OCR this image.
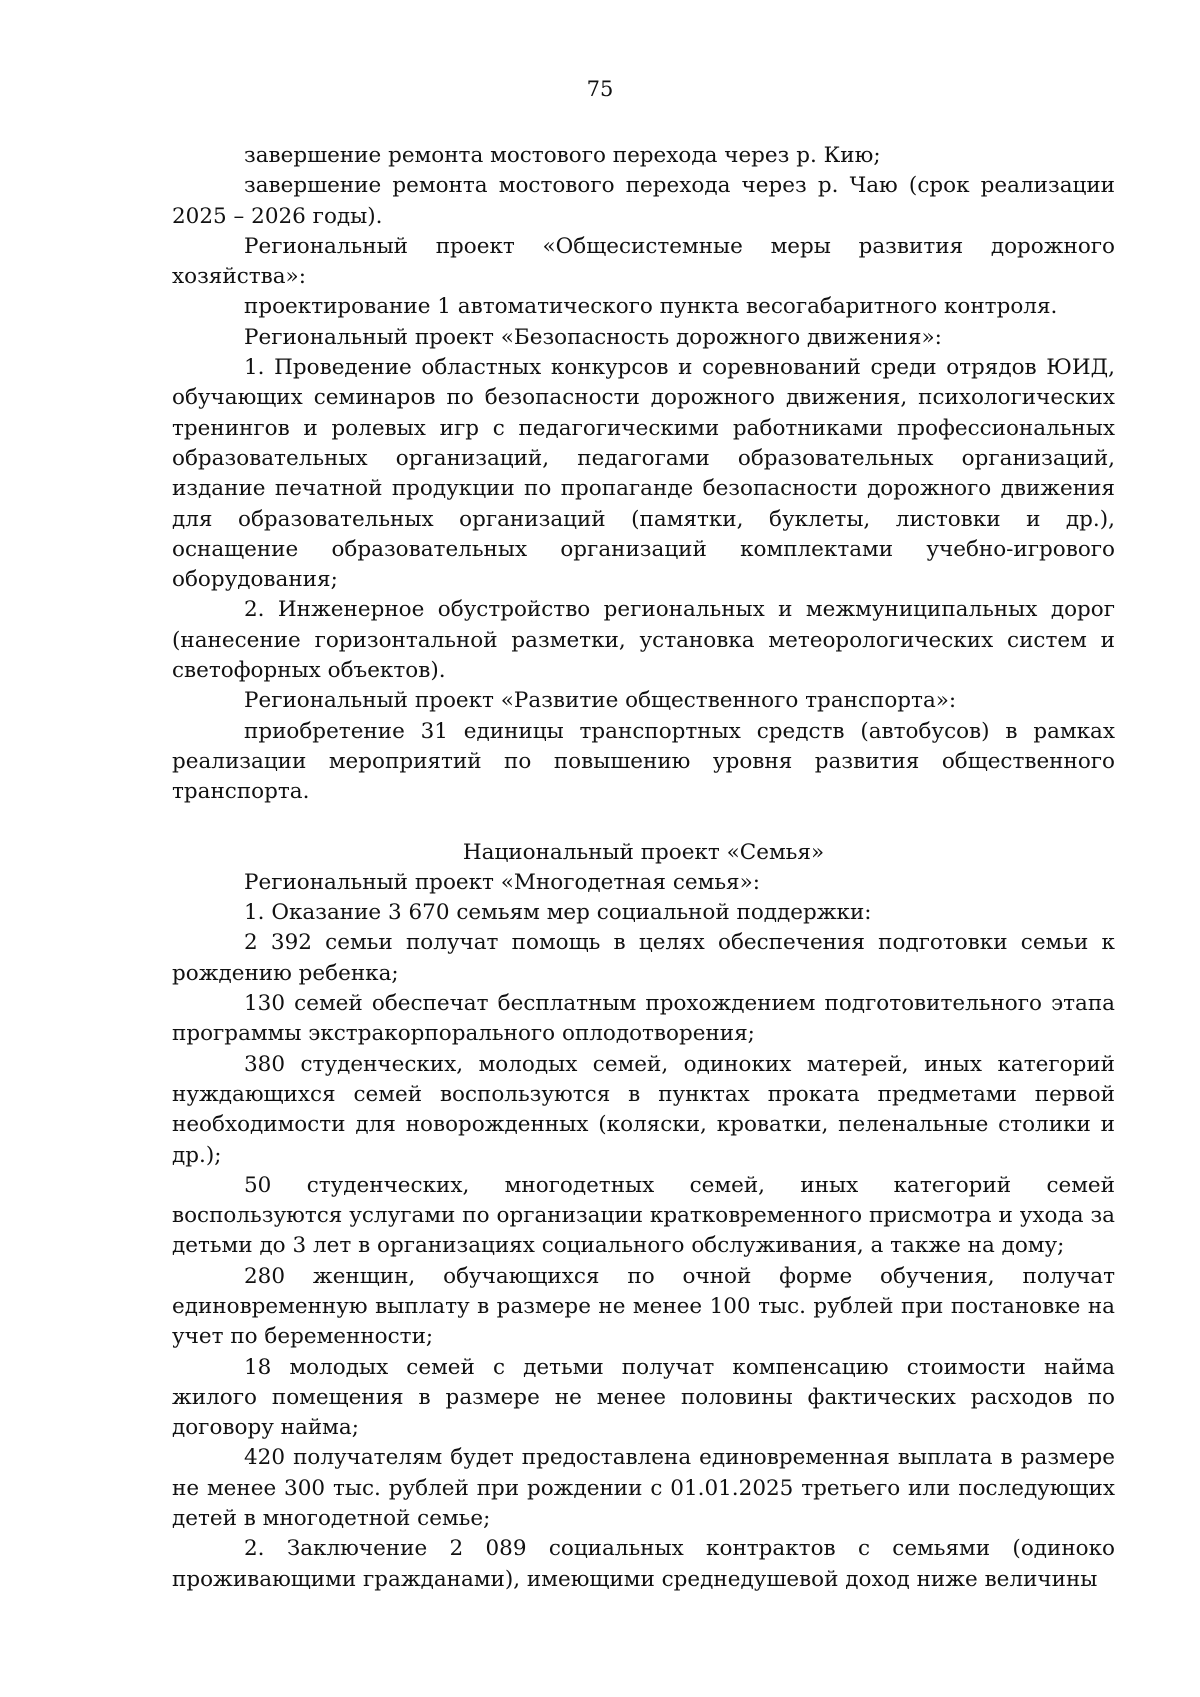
75

завершение ремонта мостового перехода через р. Кию;

завершение ремонта мостового перехода через р. Чаю (срок реализации 2025 – 2026 годы).

Региональный проект «Общесистемные меры развития дорожного хозяйства»:

проектирование 1 автоматического пункта весогабаритного контроля.

Региональный проект «Безопасность дорожного движения»:

1. Проведение областных конкурсов и соревнований среди отрядов ЮИД, обучающих семинаров по безопасности дорожного движения, психологических тренингов и ролевых игр с педагогическими работниками профессиональных образовательных организаций, педагогами образовательных организаций, издание печатной продукции по пропаганде безопасности дорожного движения для образовательных организаций (памятки, буклеты, листовки и др.), оснащение образовательных организаций комплектами учебно-игрового оборудования;

2. Инженерное обустройство региональных и межмуниципальных дорог (нанесение горизонтальной разметки, установка метеорологических систем и светофорных объектов).

Региональный проект «Развитие общественного транспорта»:

приобретение 31 единицы транспортных средств (автобусов) в рамках реализации мероприятий по повышению уровня развития общественного транспорта.

Национальный проект «Семья»

Региональный проект «Многодетная семья»:

1. Оказание 3 670 семьям мер социальной поддержки:

2 392 семьи получат помощь в целях обеспечения подготовки семьи к рождению ребенка;

130 семей обеспечат бесплатным прохождением подготовительного этапа программы экстракорпорального оплодотворения;

380 студенческих, молодых семей, одиноких матерей, иных категорий нуждающихся семей воспользуются в пунктах проката предметами первой необходимости для новорожденных (коляски, кроватки, пеленальные столики и др.);

50 студенческих, многодетных семей, иных категорий семей воспользуются услугами по организации кратковременного присмотра и ухода за детьми до 3 лет в организациях социального обслуживания, а также на дому;

280 женщин, обучающихся по очной форме обучения, получат единовременную выплату в размере не менее 100 тыс. рублей при постановке на учет по беременности;

18 молодых семей с детьми получат компенсацию стоимости найма жилого помещения в размере не менее половины фактических расходов по договору найма;

420 получателям будет предоставлена единовременная выплата в размере не менее 300 тыс. рублей при рождении с 01.01.2025 третьего или последующих детей в многодетной семье;

2. Заключение 2 089 социальных контрактов с семьями (одиноко проживающими гражданами), имеющими среднедушевой доход ниже величины
